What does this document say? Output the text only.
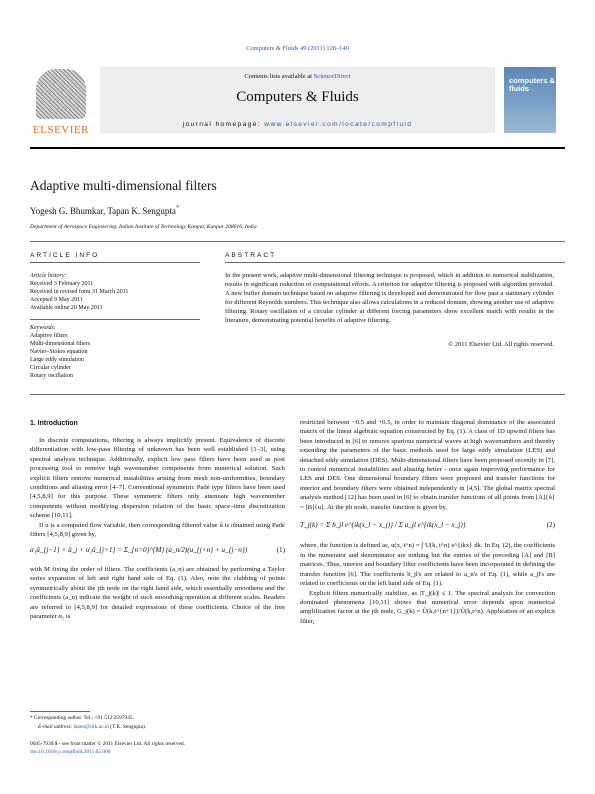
Computers & Fluids 49 (2011) 128–140
ELSEVIER
Contents lists available at ScienceDirect
Computers & Fluids
journal homepage: www.elsevier.com/locate/compfluid
computers & fluids
Adaptive multi-dimensional filters
Yogesh G. Bhumkar, Tapan K. Sengupta*
Department of Aerospace Engineering, Indian Institute of Technology Kanpur, Kanpur 208016, India
ARTICLE INFO	ABSTRACT
Article history:
Received 3 February 2011
Received in revised form 31 March 2011
Accepted 9 May 2011
Available online 20 May 2011
Keywords:
Adaptive filters
Multi-dimensional filters
Navier–Stokes equation
Large eddy simulation
Circular cylinder
Rotary oscillation
In the present work, adaptive multi-dimensional filtering technique is proposed, which in addition to numerical stabilization, results in significant reduction of computational efforts. A criterion for adaptive filtering is proposed with algorithm provided. A new buffer domain technique based on adaptive filtering is developed and demonstrated for flow past a stationary cylinder for different Reynolds numbers. This technique also allows calculations in a reduced domain, showing another use of adaptive filtering. Rotary oscillation of a circular cylinder at different forcing parameters show excellent match with results in the literature, demonstrating potential benefits of adaptive filtering.
© 2011 Elsevier Ltd. All rights reserved.
1. Introduction

In discrete computations, filtering is always implicitly present. Equivalence of discrete differentiation with low-pass filtering of unknown has been well established [1–3], using spectral analysis technique. Additionally, explicit low pass filters have been used as post processing tool to remove high wavenumber components from numerical solution. Such explicit filters remove numerical instabilities arising from mesh non-uniformities, boundary conditions and aliasing error [4–7]. Conventional symmetric Padé type filters have been used [4,5,8,9] for this purpose. These symmetric filters only attenuate high wavenumber components without modifying dispersion relation of the basic space–time discretization scheme [10,11].

If u is a computed flow variable, then corresponding filtered value û is obtained using Padé filters [4,5,8,9] given by,

α₁û_{j−1} + û_j + α₁û_{j+1} = Σ_{n=0}^{M} (a_n/2)(u_{j+n} + u_{j−n})	(1)

with M fixing the order of filters. The coefficients (a_n) are obtained by performing a Taylor series expansion of left and right hand side of Eq. (1). Also, note the clubbing of points symmetrically about the jth node on the right hand side, which essentially smoothens and the coefficients (a_n) indicate the weight of such smoothing operation at different scales. Readers are referred to [4,5,8,9] for detailed expressions of these coefficients. Choice of the free parameter α₁ is

restricted between −0.5 and +0.5, in order to maintain diagonal dominance of the associated matrix of the linear algebraic equation constructed by Eq. (1). A class of 1D upwind filters has been introduced in [6] to remove spurious numerical waves at high wavenumbers and thereby extending the parameters of the basic methods used for large eddy simulation (LES) and detached eddy simulation (DES). Multi-dimensional filters have been proposed recently in [7], to control numerical instabilities and aliasing better - once again improving performance for LES and DES. One dimensional boundary filters were proposed and transfer functions for interior and boundary filters were obtained independently in [4,5]. The global matrix spectral analysis method [12] has been used in [6] to obtain transfer functions of all points from [A]{û} = [B]{u}. At the jth node, transfer function is given by,

T_j(k) = Σ b_jl e^{ik(x_l − x_j)} / Σ a_jl e^{ik(x_l − x_j)}	(2)

where, the function is defined as, u(x, t^n) = ∫ U(k, t^n) e^{ikx} dk. In Eq. (2), the coefficients in the numerator and denominator are nothing but the entries of the preceding [A] and [B] matrices. Thus, interior and boundary filter coefficients have been incorporated in defining the transfer function [6]. The coefficients b_jl's are related to a_n's of Eq. (1), while a_jl's are related to coefficients on the left hand side of Eq. (1).

Explicit filters numerically stabilize, as |T_j(k)| ≤ 1. The spectral analysis for convection dominated phenomena [10,11] shows that numerical error depends upon numerical amplification factor at the jth node, G_j(k) = Û(k,t^{n+1})/Û(k,t^n). Application of an explicit filter,

* Corresponding author. Tel.: +91 512 2597945.
E-mail address: tksen@iitk.ac.in (T.K. Sengupta).
0045-7930/$ - see front matter © 2011 Elsevier Ltd. All rights reserved.
doi:10.1016/j.compfluid.2011.05.006
